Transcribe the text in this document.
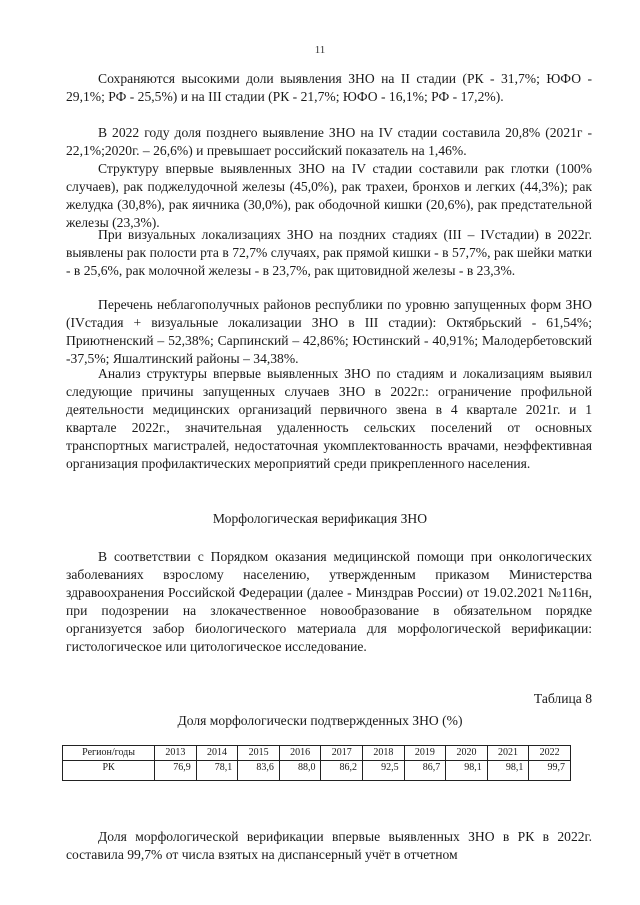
11

Сохраняются высокими доли выявления ЗНО на II стадии (РК - 31,7%; ЮФО - 29,1%; РФ - 25,5%) и на III стадии (РК - 21,7%; ЮФО - 16,1%; РФ - 17,2%).

В 2022 году доля позднего выявление ЗНО на IV стадии составила 20,8% (2021г - 22,1%;2020г. – 26,6%) и превышает российский показатель на 1,46%.

Структуру впервые выявленных ЗНО на IV стадии составили рак глотки (100% случаев), рак поджелудочной железы (45,0%), рак трахеи, бронхов и легких (44,3%); рак желудка (30,8%), рак яичника (30,0%), рак ободочной кишки (20,6%), рак предстательной железы (23,3%).

При визуальных локализациях ЗНО на поздних стадиях (III – IVстадии) в 2022г. выявлены рак полости рта в 72,7% случаях, рак прямой кишки - в 57,7%, рак шейки матки - в 25,6%, рак молочной железы - в 23,7%, рак щитовидной железы - в 23,3%.

Перечень неблагополучных районов республики по уровню запущенных форм ЗНО (IVстадия + визуальные локализации ЗНО в III стадии): Октябрьский - 61,54%; Приютненский – 52,38%; Сарпинский – 42,86%; Юстинский - 40,91%; Малодербетовский -37,5%; Яшалтинский районы – 34,38%.

Анализ структуры впервые выявленных ЗНО по стадиям и локализациям выявил следующие причины запущенных случаев ЗНО в 2022г.: ограничение профильной деятельности медицинских организаций первичного звена в 4 квартале 2021г. и 1 квартале 2022г., значительная удаленность сельских поселений от основных транспортных магистралей, недостаточная укомплектованность врачами, неэффективная организация профилактических мероприятий среди прикрепленного населения.

Морфологическая верификация ЗНО

В соответствии с Порядком оказания медицинской помощи при онкологических заболеваниях взрослому населению, утвержденным приказом Министерства здравоохранения Российской Федерации (далее - Минздрав России) от 19.02.2021 №116н, при подозрении на злокачественное новообразование в обязательном порядке организуется забор биологического материала для морфологической верификации: гистологическое или цитологическое исследование.

Таблица 8
Доля морфологически подтвержденных ЗНО (%)
Регион/годы	2013	2014	2015	2016	2017	2018	2019	2020	2021	2022
РК	76,9	78,1	83,6	88,0	86,2	92,5	86,7	98,1	98,1	99,7

Доля морфологической верификации впервые выявленных ЗНО в РК в 2022г. составила 99,7% от числа взятых на диспансерный учёт в отчетном
